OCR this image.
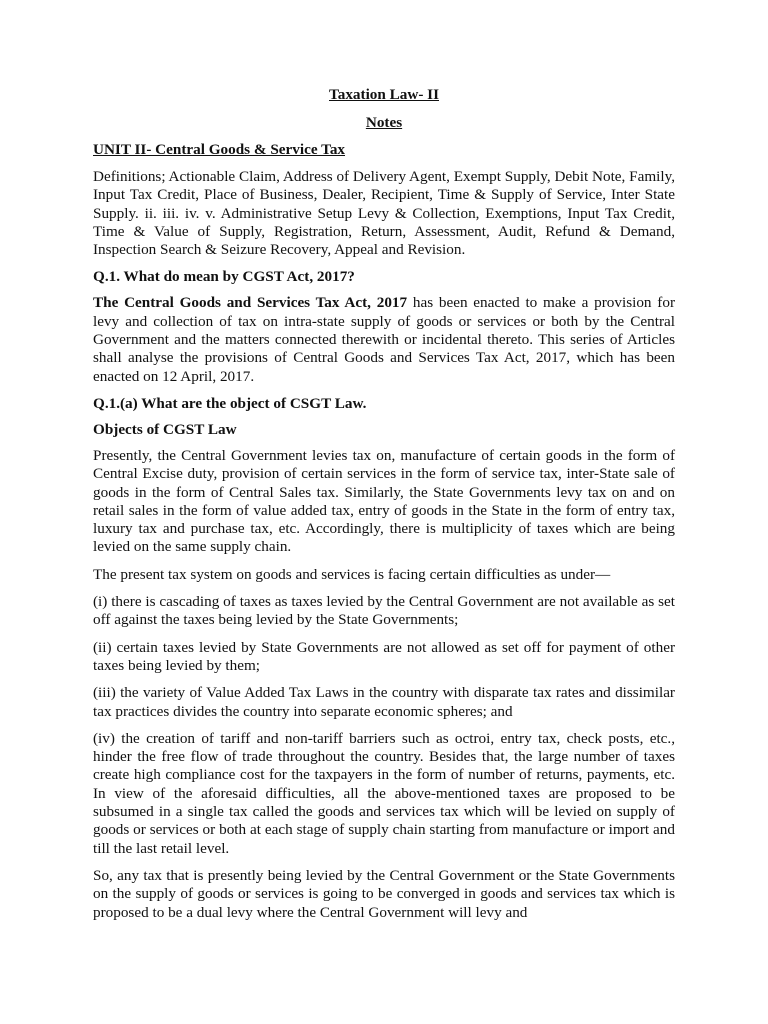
Taxation Law- II
Notes
UNIT II- Central Goods & Service Tax

Definitions; Actionable Claim, Address of Delivery Agent, Exempt Supply, Debit Note, Family, Input Tax Credit, Place of Business, Dealer, Recipient, Time & Supply of Service, Inter State Supply. ii. iii. iv. v. Administrative Setup Levy & Collection, Exemptions, Input Tax Credit, Time & Value of Supply, Registration, Return, Assessment, Audit, Refund & Demand, Inspection Search & Seizure Recovery, Appeal and Revision.

Q.1. What do mean by CGST Act, 2017?

The Central Goods and Services Tax Act, 2017 has been enacted to make a provision for levy and collection of tax on intra-state supply of goods or services or both by the Central Government and the matters connected therewith or incidental thereto. This series of Articles shall analyse the provisions of Central Goods and Services Tax Act, 2017, which has been enacted on 12 April, 2017.

Q.1.(a) What are the object of CSGT Law.
Objects of CGST Law

Presently, the Central Government levies tax on, manufacture of certain goods in the form of Central Excise duty, provision of certain services in the form of service tax, inter-State sale of goods in the form of Central Sales tax. Similarly, the State Governments levy tax on and on retail sales in the form of value added tax, entry of goods in the State in the form of entry tax, luxury tax and purchase tax, etc. Accordingly, there is multiplicity of taxes which are being levied on the same supply chain.

The present tax system on goods and services is facing certain difficulties as under—

(i) there is cascading of taxes as taxes levied by the Central Government are not available as set off against the taxes being levied by the State Governments;

(ii) certain taxes levied by State Governments are not allowed as set off for payment of other taxes being levied by them;

(iii) the variety of Value Added Tax Laws in the country with disparate tax rates and dissimilar tax practices divides the country into separate economic spheres; and

(iv) the creation of tariff and non-tariff barriers such as octroi, entry tax, check posts, etc., hinder the free flow of trade throughout the country. Besides that, the large number of taxes create high compliance cost for the taxpayers in the form of number of returns, payments, etc. In view of the aforesaid difficulties, all the above-mentioned taxes are proposed to be subsumed in a single tax called the goods and services tax which will be levied on supply of goods or services or both at each stage of supply chain starting from manufacture or import and till the last retail level.

So, any tax that is presently being levied by the Central Government or the State Governments on the supply of goods or services is going to be converged in goods and services tax which is proposed to be a dual levy where the Central Government will levy and
